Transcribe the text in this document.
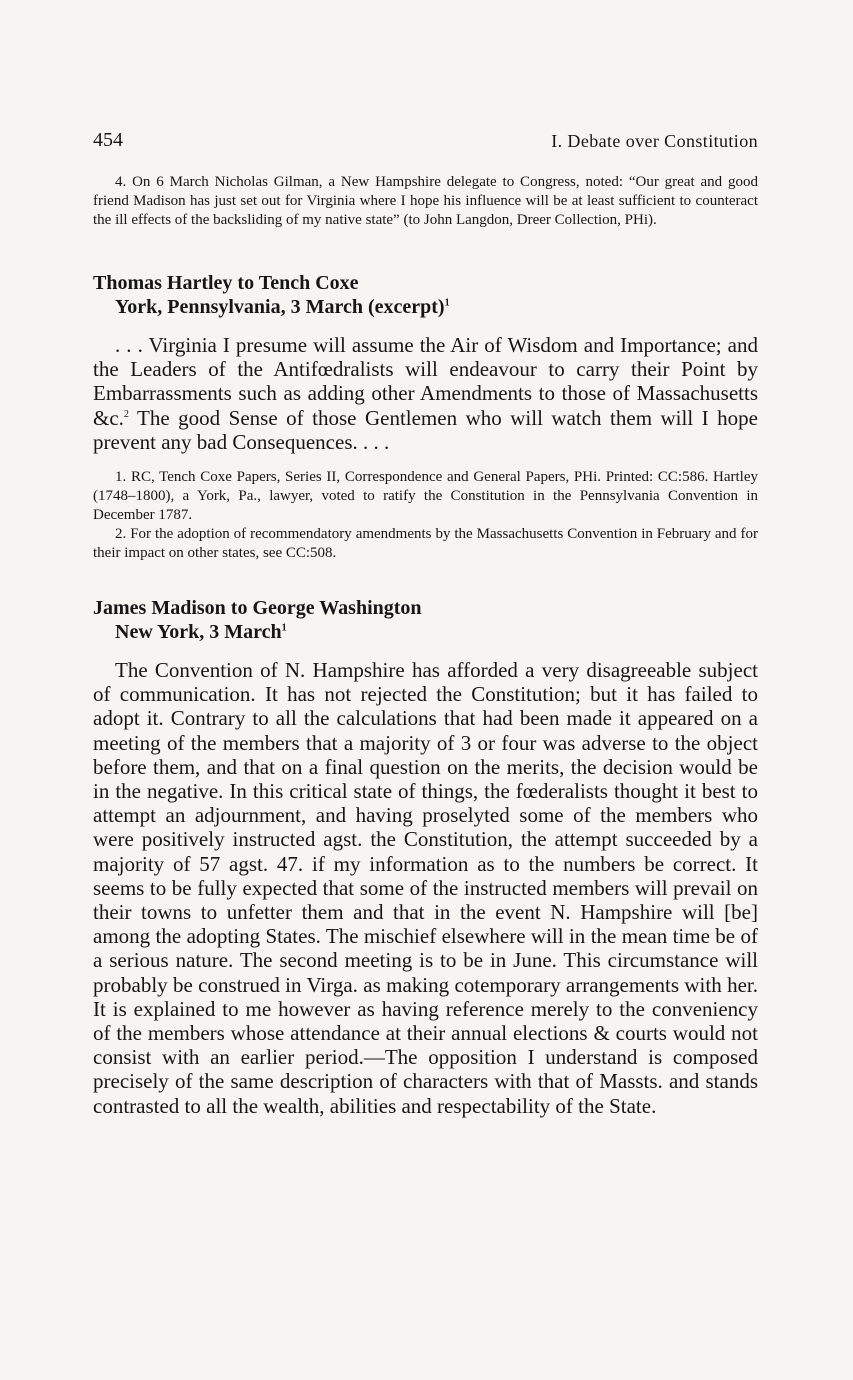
454	I. Debate over Constitution

4. On 6 March Nicholas Gilman, a New Hampshire delegate to Congress, noted: “Our great and good friend Madison has just set out for Virginia where I hope his influence will be at least sufficient to counteract the ill effects of the backsliding of my native state” (to John Langdon, Dreer Collection, PHi).

Thomas Hartley to Tench Coxe
York, Pennsylvania, 3 March (excerpt)$^1$

. . . Virginia I presume will assume the Air of Wisdom and Importance; and the Leaders of the Antifœdralists will endeavour to carry their Point by Embarrassments such as adding other Amendments to those of Massachusetts &c.$^2$ The good Sense of those Gentlemen who will watch them will I hope prevent any bad Consequences. . . .

1. RC, Tench Coxe Papers, Series II, Correspondence and General Papers, PHi. Printed: CC:586. Hartley (1748–1800), a York, Pa., lawyer, voted to ratify the Constitution in the Pennsylvania Convention in December 1787.

2. For the adoption of recommendatory amendments by the Massachusetts Convention in February and for their impact on other states, see CC:508.

James Madison to George Washington
New York, 3 March$^1$

The Convention of N. Hampshire has afforded a very disagreeable subject of communication. It has not rejected the Constitution; but it has failed to adopt it. Contrary to all the calculations that had been made it appeared on a meeting of the members that a majority of 3 or four was adverse to the object before them, and that on a final question on the merits, the decision would be in the negative. In this critical state of things, the fœderalists thought it best to attempt an adjournment, and having proselyted some of the members who were positively instructed agst. the Constitution, the attempt succeeded by a majority of 57 agst. 47. if my information as to the numbers be correct. It seems to be fully expected that some of the instructed members will prevail on their towns to unfetter them and that in the event N. Hampshire will [be] among the adopting States. The mischief elsewhere will in the mean time be of a serious nature. The second meeting is to be in June. This circumstance will probably be construed in Virga. as making cotemporary arrangements with her. It is explained to me however as having reference merely to the conveniency of the members whose attendance at their annual elections & courts would not consist with an earlier period.—The opposition I understand is composed precisely of the same description of characters with that of Massts. and stands contrasted to all the wealth, abilities and respectability of the State.
